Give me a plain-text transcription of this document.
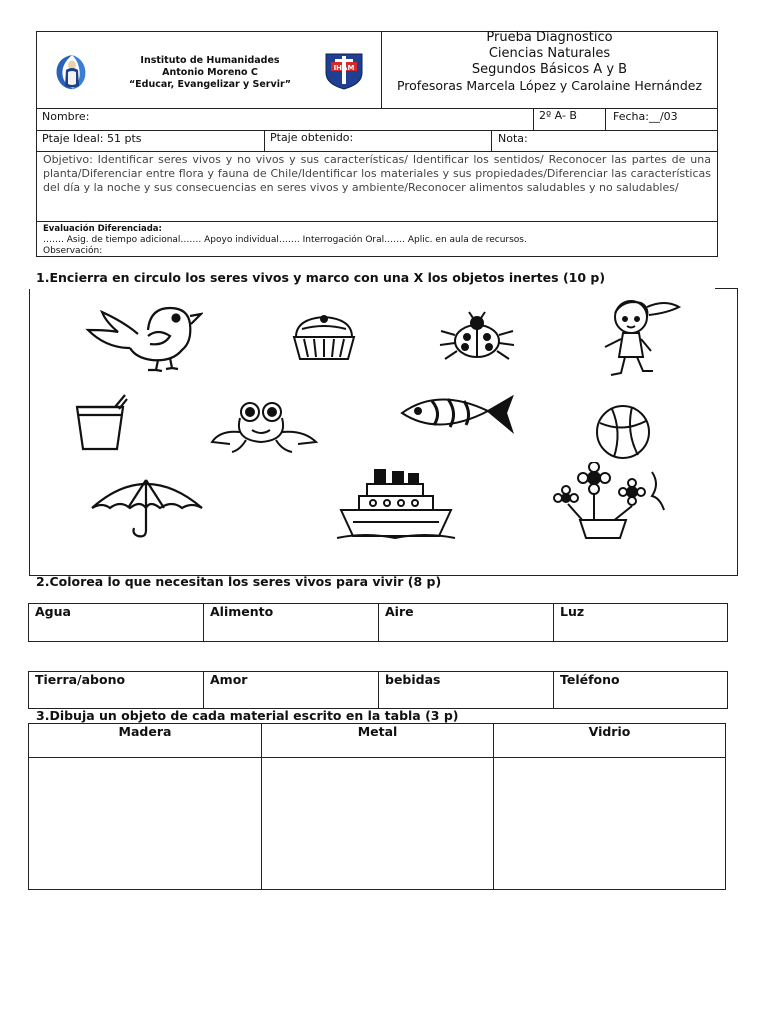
Instituto de Humanidades
Antonio Moreno C
“Educar, Evangelizar y Servir”
IHAM
Prueba Diagnostico
Ciencias Naturales
Segundos Básicos A y B
Profesoras Marcela López y Carolaine Hernández
Nombre:	2º A- B	Fecha:__/03
Ptaje Ideal: 51 pts	Ptaje obtenido:	Nota:
Objetivo: Identificar seres vivos y no vivos y sus características/ Identificar los sentidos/ Reconocer las partes de una planta/Diferenciar entre flora y fauna de Chile/Identificar los materiales y sus propiedades/Diferenciar las características del día y la noche y sus consecuencias en seres vivos y ambiente/Reconocer alimentos saludables y no saludables/
Evaluación Diferenciada:
……. Asig. de tiempo adicional……. Apoyo individual……. Interrogación Oral……. Aplic. en aula de recursos.
Observación:
1.Encierra en circulo los seres vivos y marco con una X los objetos inertes (10 p)
2.Colorea lo que necesitan los seres vivos para vivir (8 p)
Agua	Alimento	Aire	Luz
Tierra/abono	Amor	bebidas	Teléfono
3.Dibuja un objeto de cada material escrito en la tabla (3 p)
Madera	Metal	Vidrio
